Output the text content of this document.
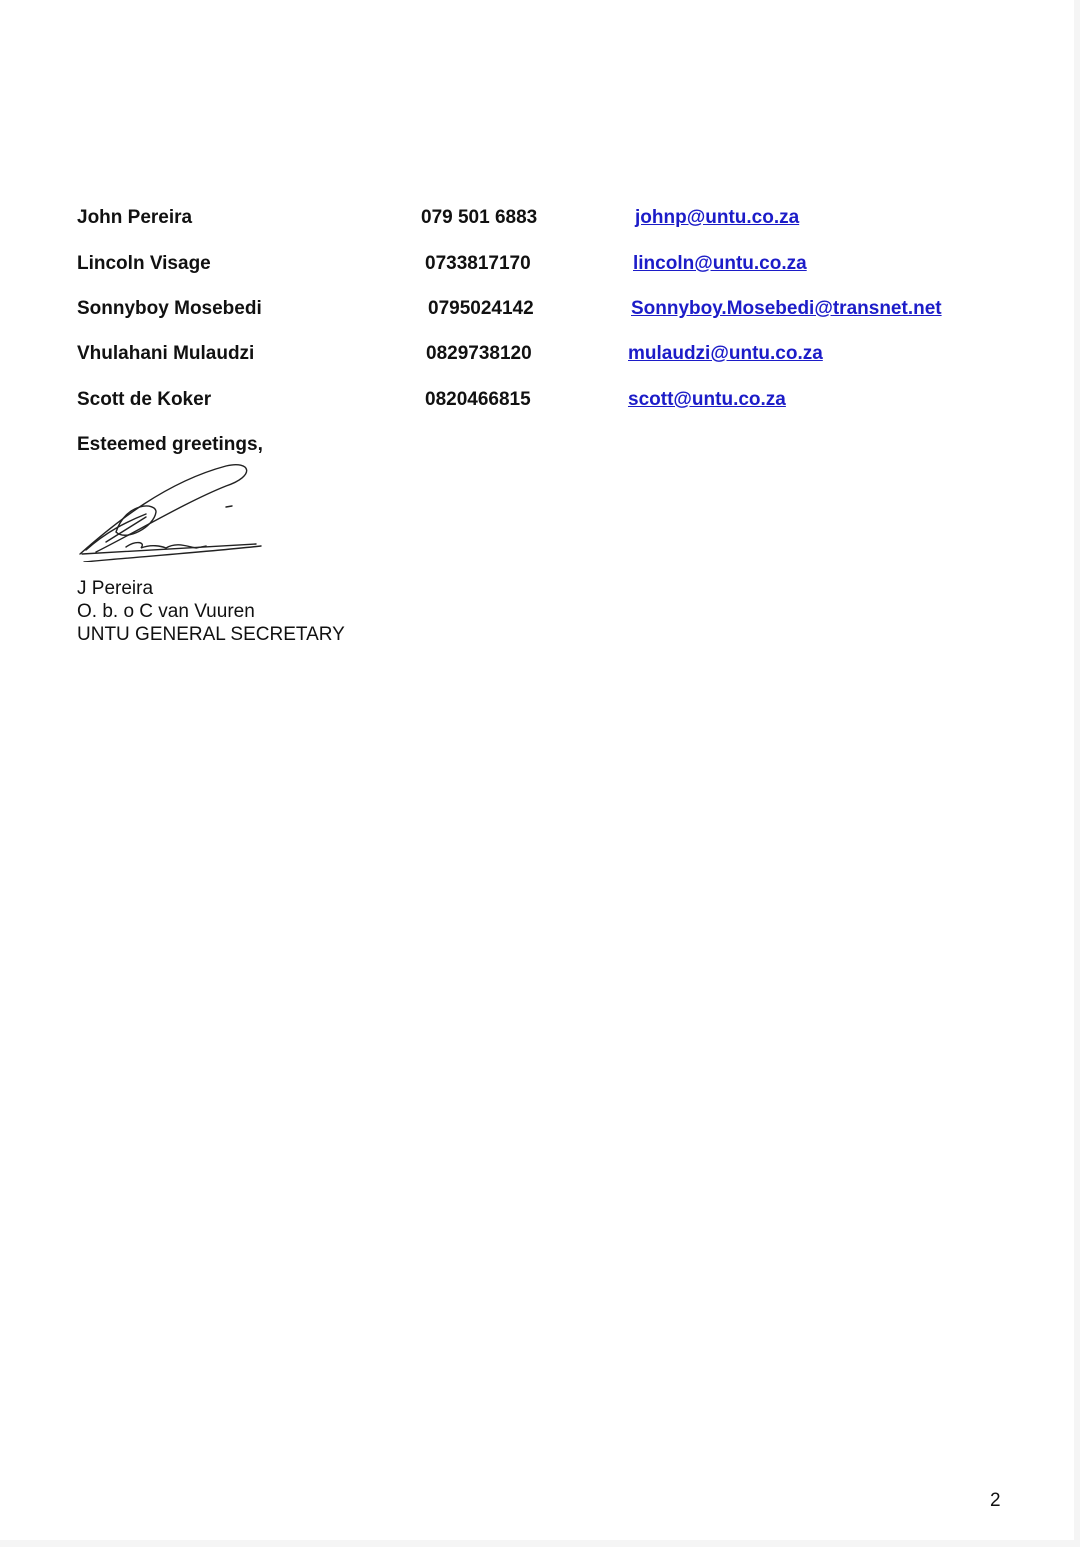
John Pereira	079 501 6883	johnp@untu.co.za
Lincoln Visage	0733817170	lincoln@untu.co.za
Sonnyboy Mosebedi	0795024142	Sonnyboy.Mosebedi@transnet.net
Vhulahani Mulaudzi	0829738120	mulaudzi@untu.co.za
Scott de Koker	0820466815	scott@untu.co.za
Esteemed greetings,
J Pereira
O. b. o C van Vuuren
UNTU GENERAL SECRETARY
2
